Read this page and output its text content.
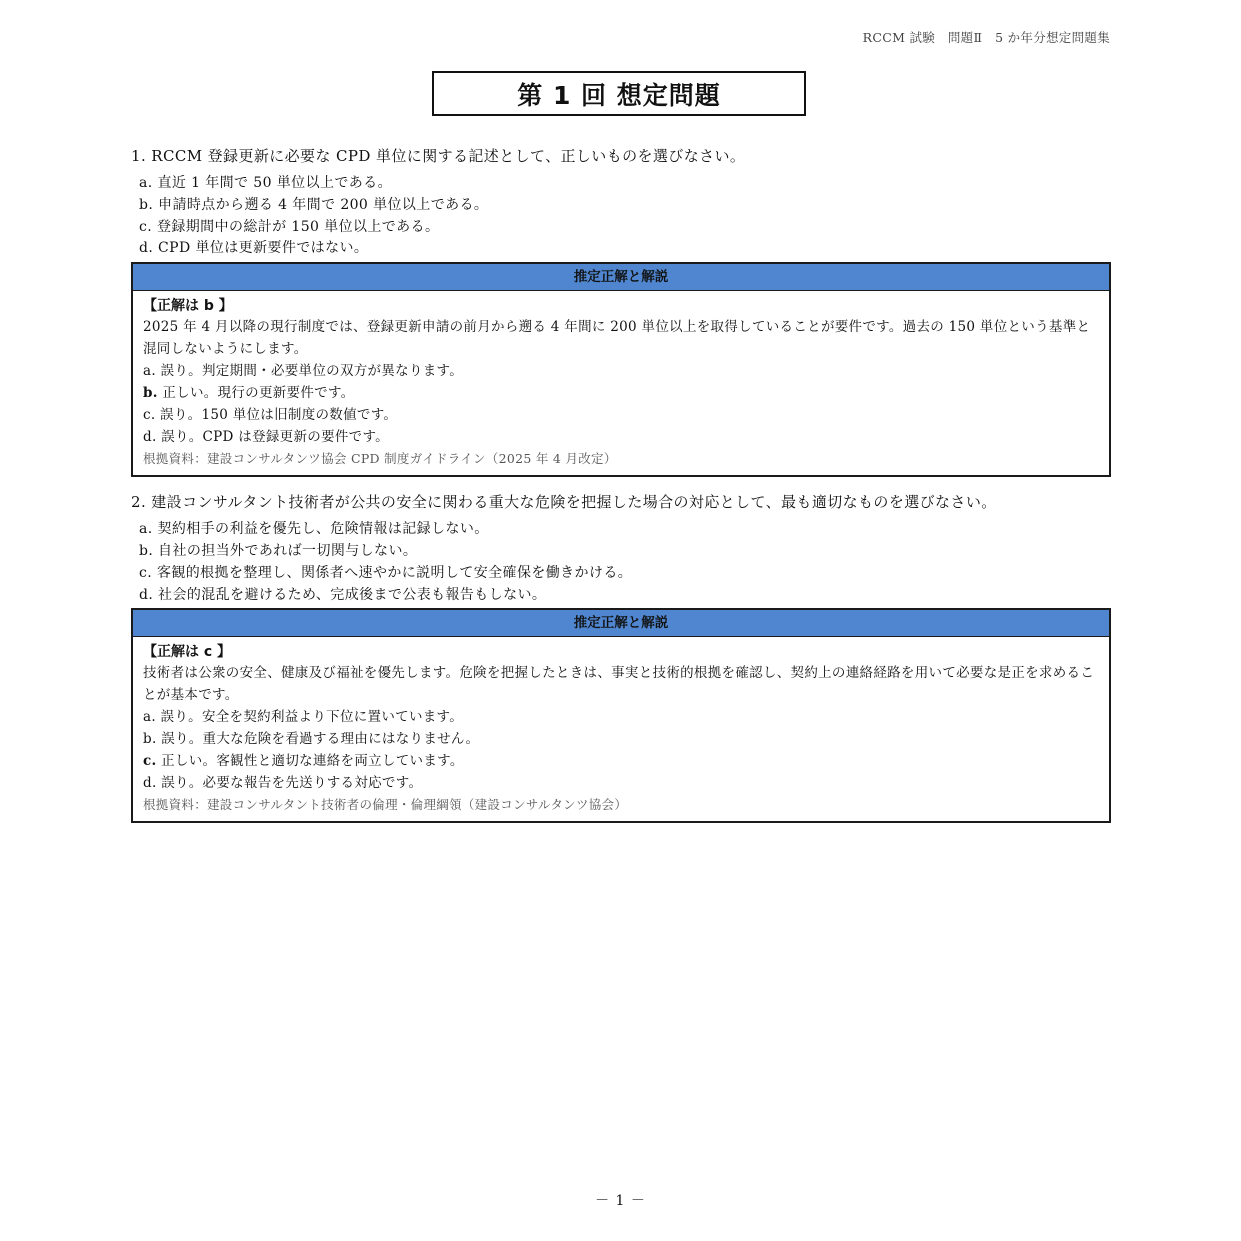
RCCM 試験　問題Ⅱ　5 か年分想定問題集
第 1 回 想定問題

1. RCCM 登録更新に必要な CPD 単位に関する記述として、正しいものを選びなさい。

a. 直近 1 年間で 50 単位以上である。
b. 申請時点から遡る 4 年間で 200 単位以上である。
c. 登録期間中の総計が 150 単位以上である。
d. CPD 単位は更新要件ではない。
推定正解と解説
【正解は b 】
2025 年 4 月以降の現行制度では、登録更新申請の前月から遡る 4 年間に 200 単位以上を取得していることが要件です。過去の 150 単位という基準と混同しないようにします。
a. 誤り。判定期間・必要単位の双方が異なります。
b. 正しい。現行の更新要件です。
c. 誤り。150 単位は旧制度の数値です。
d. 誤り。CPD は登録更新の要件です。
根拠資料：建設コンサルタンツ協会 CPD 制度ガイドライン（2025 年 4 月改定）

2. 建設コンサルタント技術者が公共の安全に関わる重大な危険を把握した場合の対応として、最も適切なものを選びなさい。

a. 契約相手の利益を優先し、危険情報は記録しない。
b. 自社の担当外であれば一切関与しない。
c. 客観的根拠を整理し、関係者へ速やかに説明して安全確保を働きかける。
d. 社会的混乱を避けるため、完成後まで公表も報告もしない。
推定正解と解説
【正解は c 】
技術者は公衆の安全、健康及び福祉を優先します。危険を把握したときは、事実と技術的根拠を確認し、契約上の連絡経路を用いて必要な是正を求めることが基本です。
a. 誤り。安全を契約利益より下位に置いています。
b. 誤り。重大な危険を看過する理由にはなりません。
c. 正しい。客観性と適切な連絡を両立しています。
d. 誤り。必要な報告を先送りする対応です。
根拠資料：建設コンサルタント技術者の倫理・倫理綱領（建設コンサルタンツ協会）
－ 1 －
